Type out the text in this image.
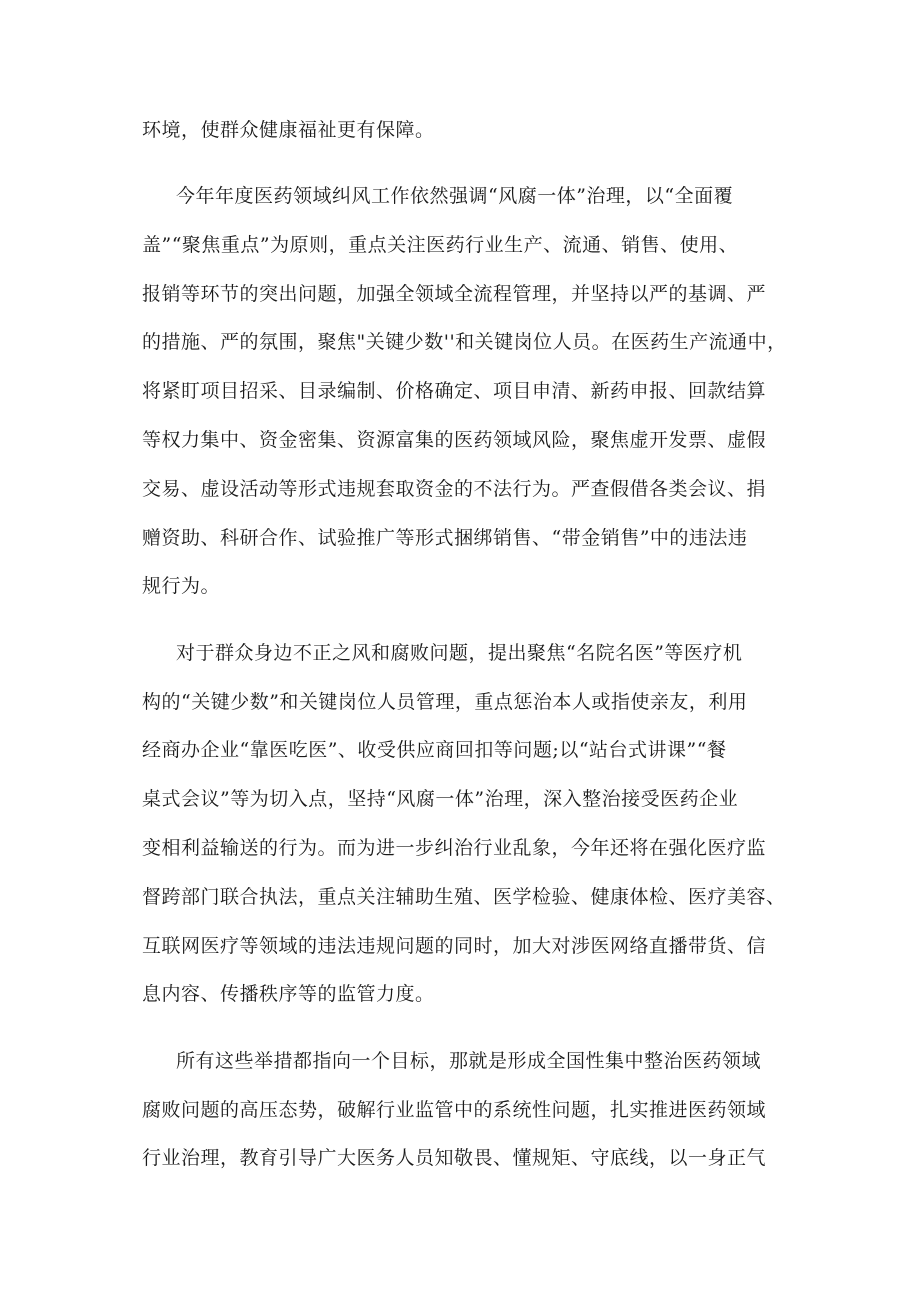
环境，使群众健康福祉更有保障。
今年年度医药领域纠风工作依然强调“风腐一体”治理，以“全面覆
盖”“聚焦重点”为原则，重点关注医药行业生产、流通、销售、使用、
报销等环节的突出问题，加强全领域全流程管理，并坚持以严的基调、严
的措施、严的氛围，聚焦"关键少数''和关键岗位人员。在医药生产流通中，
将紧盯项目招采、目录编制、价格确定、项目申清、新药申报、回款结算
等权力集中、资金密集、资源富集的医药领域风险，聚焦虚开发票、虚假
交易、虚设活动等形式违规套取资金的不法行为。严查假借各类会议、捐
赠资助、科研合作、试验推广等形式捆绑销售、“带金销售”中的违法违
规行为。
对于群众身边不正之风和腐败问题，提出聚焦“名院名医”等医疗机
构的“关键少数”和关键岗位人员管理，重点惩治本人或指使亲友，利用
经商办企业“靠医吃医”、收受供应商回扣等问题;以“站台式讲课”“餐
桌式会议”等为切入点，坚持“风腐一体”治理，深入整治接受医药企业
变相利益输送的行为。而为进一步纠治行业乱象，今年还将在强化医疗监
督跨部门联合执法，重点关注辅助生殖、医学检验、健康体检、医疗美容、
互联网医疗等领域的违法违规问题的同时，加大对涉医网络直播带货、信
息内容、传播秩序等的监管力度。
所有这些举措都指向一个目标，那就是形成全国性集中整治医药领域
腐败问题的高压态势，破解行业监管中的系统性问题，扎实推进医药领域
行业治理，教育引导广大医务人员知敬畏、懂规矩、守底线，以一身正气
